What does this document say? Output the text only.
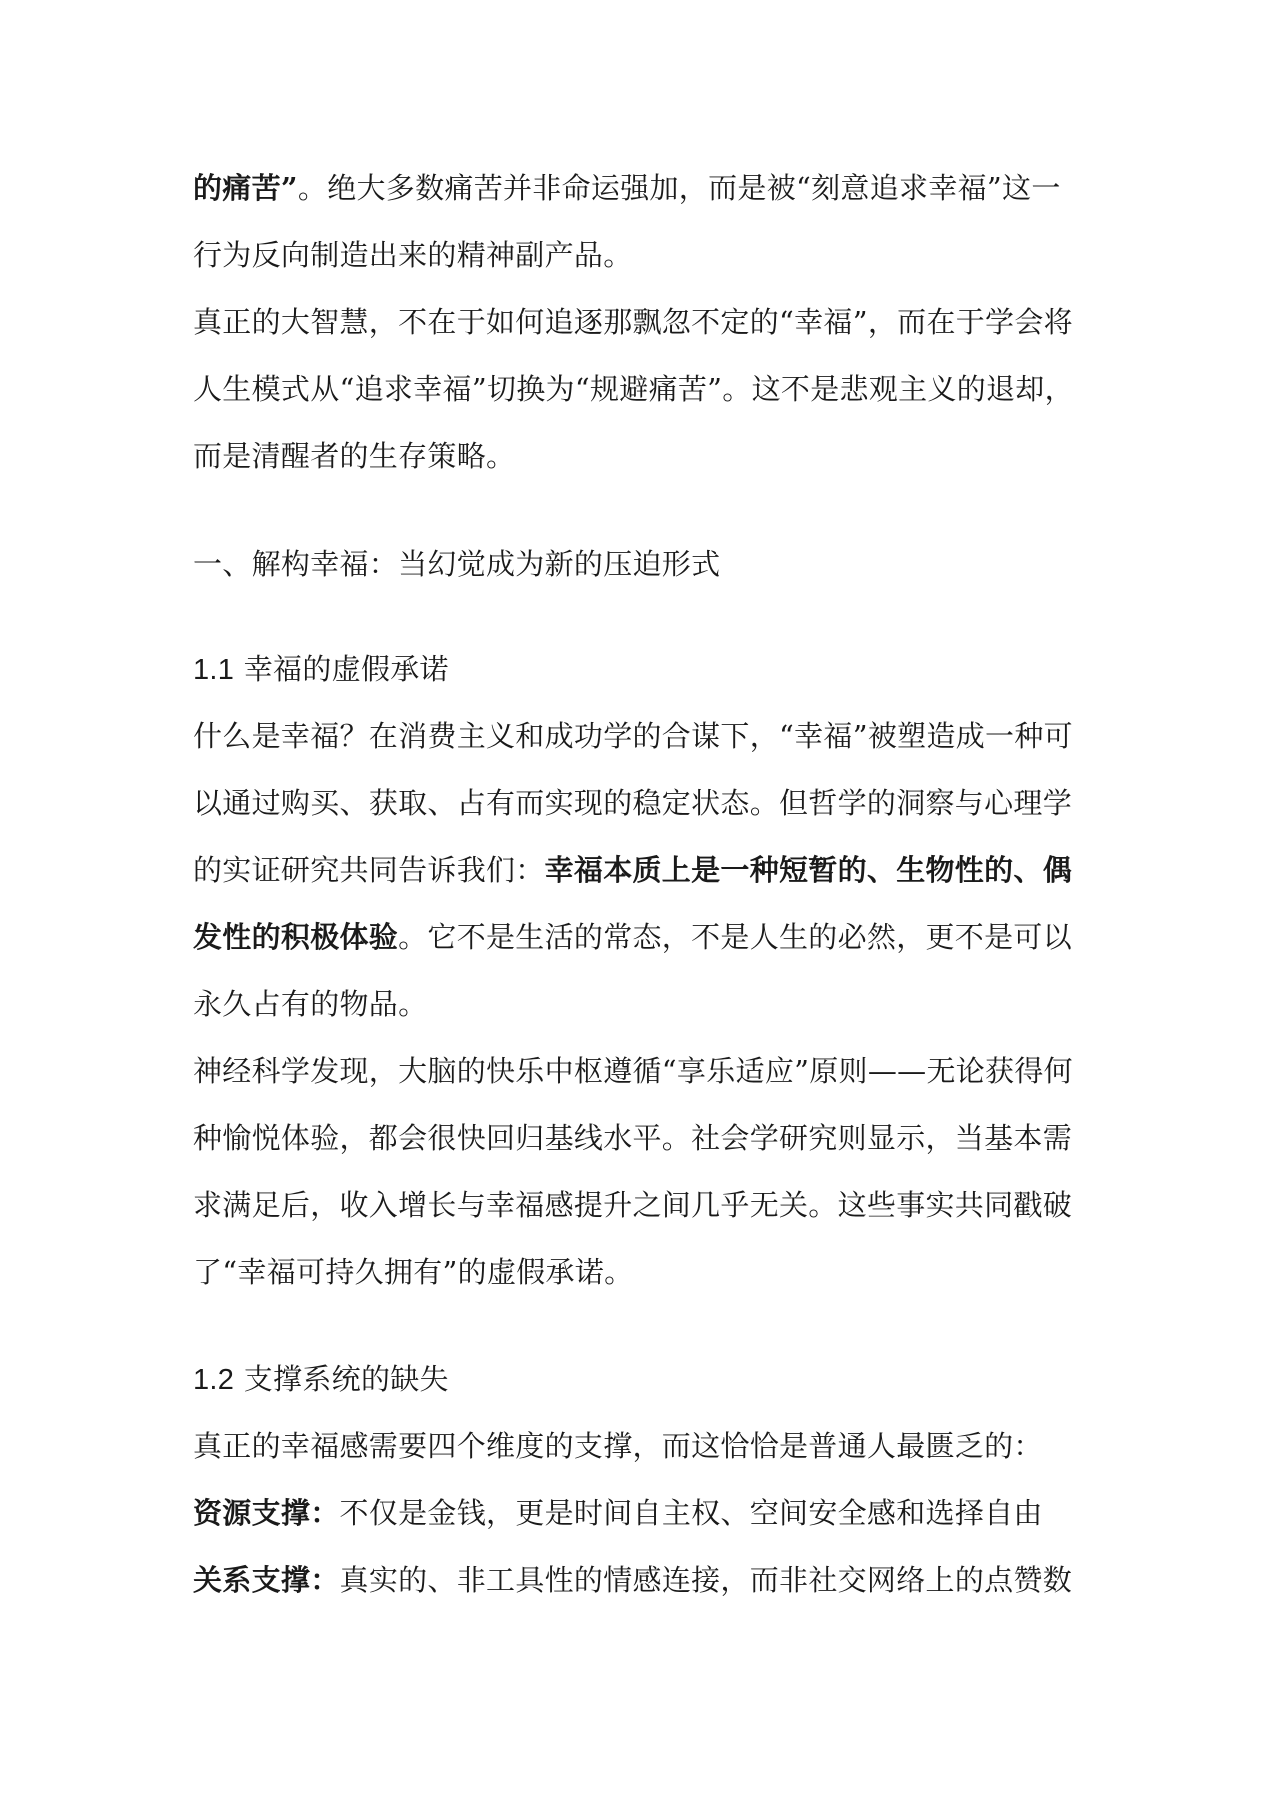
的痛苦”。绝大多数痛苦并非命运强加，而是被“刻意追求幸福”这一
行为反向制造出来的精神副产品。
真正的大智慧，不在于如何追逐那飘忽不定的“幸福”，而在于学会将
人生模式从“追求幸福”切换为“规避痛苦”。这不是悲观主义的退却，
而是清醒者的生存策略。
一、解构幸福：当幻觉成为新的压迫形式
1.1 幸福的虚假承诺
什么是幸福？在消费主义和成功学的合谋下，“幸福”被塑造成一种可
以通过购买、获取、占有而实现的稳定状态。但哲学的洞察与心理学
的实证研究共同告诉我们：幸福本质上是一种短暂的、生物性的、偶
发性的积极体验。它不是生活的常态，不是人生的必然，更不是可以
永久占有的物品。
神经科学发现，大脑的快乐中枢遵循“享乐适应”原则——无论获得何
种愉悦体验，都会很快回归基线水平。社会学研究则显示，当基本需
求满足后，收入增长与幸福感提升之间几乎无关。这些事实共同戳破
了“幸福可持久拥有”的虚假承诺。
1.2 支撑系统的缺失
真正的幸福感需要四个维度的支撑，而这恰恰是普通人最匮乏的：
资源支撑：不仅是金钱，更是时间自主权、空间安全感和选择自由
关系支撑：真实的、非工具性的情感连接，而非社交网络上的点赞数
